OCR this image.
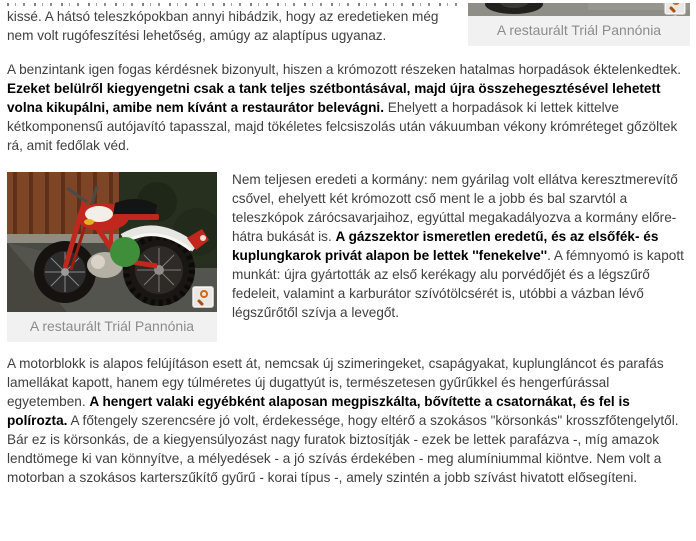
A restaurált Triál Pannónia

kissé. A hátsó teleszkópokban annyi hibádzik, hogy az eredetieken még nem volt rugófeszítési lehetőség, amúgy az alaptípus ugyanaz.

A benzintank igen fogas kérdésnek bizonyult, hiszen a krómozott részeken hatalmas horpadások éktelenkedtek. Ezeket belülről kiegyengetni csak a tank teljes szétbontásával, majd újra összehegesztésével lehetett volna kikupálni, amibe nem kívánt a restaurátor belevágni. Ehelyett a horpadások ki lettek kittelve kétkomponensű autójavító tapasszal, majd tökéletes felcsiszolás után vákuumban vékony krómréteget gőzöltek rá, amit fedőlak véd.

A restaurált Triál Pannónia

Nem teljesen eredeti a kormány: nem gyárilag volt ellátva keresztmerevítő csővel, ehelyett két krómozott cső ment le a jobb és bal szarvtól a teleszkópok zárócsavarjaihoz, egyúttal megakadályozva a kormány előre-hátra bukását is. A gázszektor ismeretlen eredetű, és az elsőfék- és kuplungkarok privát alapon be lettek ''fenekelve''. A fémnyomó is kapott munkát: újra gyártották az első kerékagy alu porvédőjét és a légszűrő fedeleit, valamint a karburátor szívótölcsérét is, utóbbi a vázban lévő légszűrőtől szívja a levegőt.

A motorblokk is alapos felújításon esett át, nemcsak új szimeringeket, csapágyakat, kuplungláncot és parafás lamellákat kapott, hanem egy túlméretes új dugattyút is, természetesen gyűrűkkel és hengerfúrással egyetemben. A hengert valaki egyébként alaposan megpiszkálta, bővítette a csatornákat, és fel is polírozta. A főtengely szerencsére jó volt, érdekessége, hogy eltérő a szokásos "körsonkás" krosszfőtengelytől. Bár ez is körsonkás, de a kiegyensúlyozást nagy furatok biztosítják - ezek be lettek parafázva -, míg amazok lendtömege ki van könnyítve, a mélyedések - a jó szívás érdekében - meg alumíniummal kiöntve. Nem volt a motorban a szokásos karterszűkítő gyűrű - korai típus -, amely szintén a jobb szívást hivatott elősegíteni.
